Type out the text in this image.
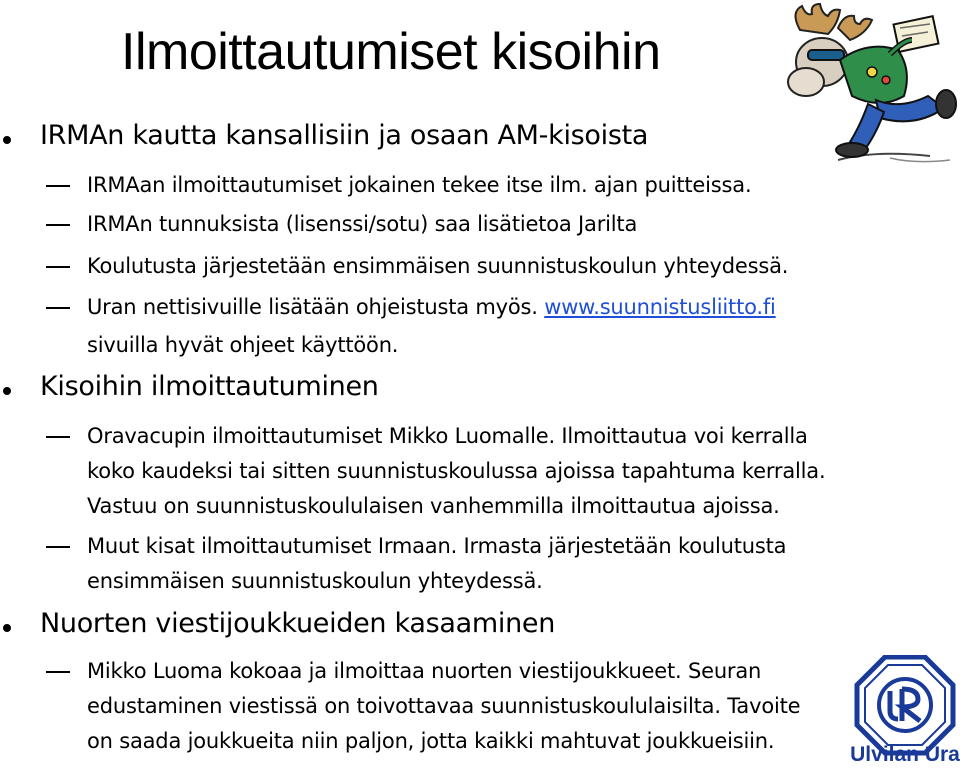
Ilmoittautumiset kisoihin

IRMAn kautta kansallisiin ja osaan AM-kisoista

IRMAan ilmoittautumiset jokainen tekee itse ilm. ajan puitteissa.

IRMAn tunnuksista (lisenssi/sotu) saa lisätietoa Jarilta

Koulutusta järjestetään ensimmäisen suunnistuskoulun yhteydessä.

Uran nettisivuille lisätään ohjeistusta myös. www.suunnistusliitto.fi

sivuilla hyvät ohjeet käyttöön.

Kisoihin ilmoittautuminen

Oravacupin ilmoittautumiset Mikko Luomalle. Ilmoittautua voi kerralla

koko kaudeksi tai sitten suunnistuskoulussa ajoissa tapahtuma kerralla.

Vastuu on suunnistuskoululaisen vanhemmilla ilmoittautua ajoissa.

Muut kisat ilmoittautumiset Irmaan. Irmasta järjestetään koulutusta

ensimmäisen suunnistuskoulun yhteydessä.

Nuorten viestijoukkueiden kasaaminen

Mikko Luoma kokoaa ja ilmoittaa nuorten viestijoukkueet. Seuran

edustaminen viestissä on toivottavaa suunnistuskoululaisilta. Tavoite

on saada joukkueita niin paljon, jotta kaikki mahtuvat joukkueisiin.

Ulvilan Ura
